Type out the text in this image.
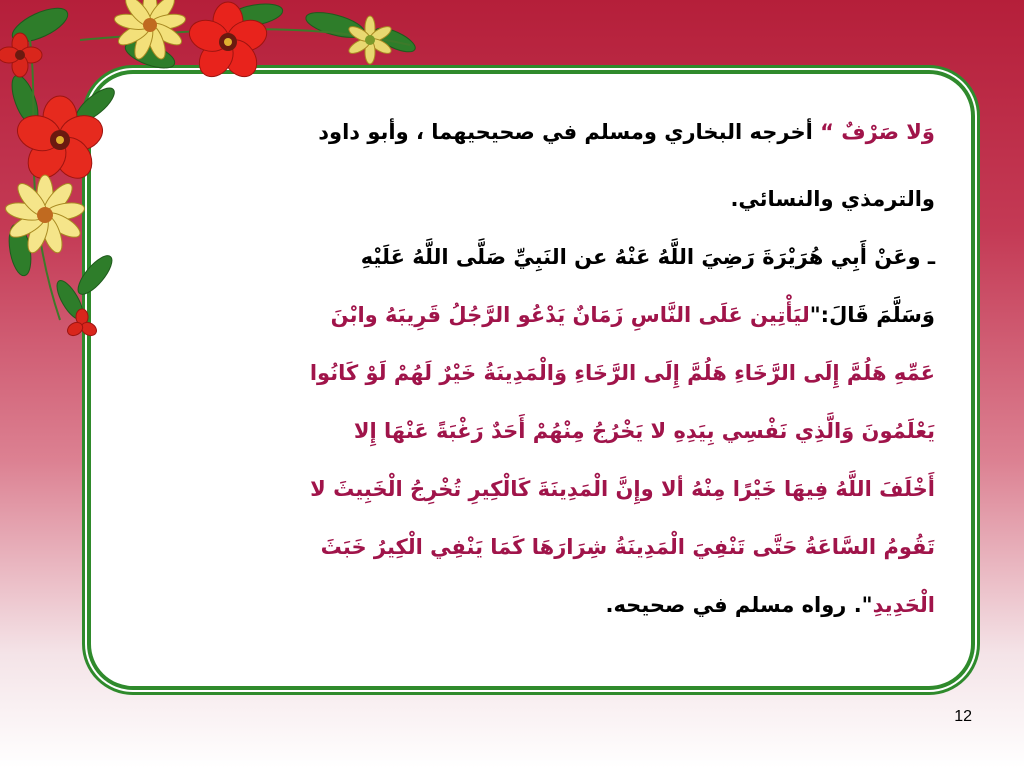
وَلا صَرْفٌ “ أخرجه البخاري ومسلم في صحيحيهما ، وأبو داود
والترمذي والنسائي.
ـ وعَنْ أَبِي هُرَيْرَةَ رَضِيَ اللَّهُ عَنْهُ عن النَبِيِّ صَلَّى اللَّهُ عَلَيْهِ
وَسَلَّمَ قَالَ:"ليَأْتِين عَلَى النَّاسِ زَمَانٌ يَدْعُو الرَّجُلُ قَرِيبَهُ وابْنَ
عَمِّهِ هَلُمَّ إِلَى الرَّخَاءِ هَلُمَّ إِلَى الرَّخَاءِ وَالْمَدِينَةُ خَيْرٌ لَهُمْ لَوْ كَانُوا
يَعْلَمُونَ وَالَّذِي نَفْسِي بِيَدِهِ لا يَخْرُجُ مِنْهُمْ أَحَدٌ رَغْبَةً عَنْهَا إِلا
أَخْلَفَ اللَّهُ فِيهَا خَيْرًا مِنْهُ ألا وإِنَّ الْمَدِينَةَ كَالْكِيرِ تُخْرِجُ الْخَبِيثَ لا
تَقُومُ السَّاعَةُ حَتَّى تَنْفِيَ الْمَدِينَةُ شِرَارَهَا كَمَا يَنْفِي الْكِيرُ خَبَثَ
الْحَدِيدِ". رواه مسلم في صحيحه.
12
